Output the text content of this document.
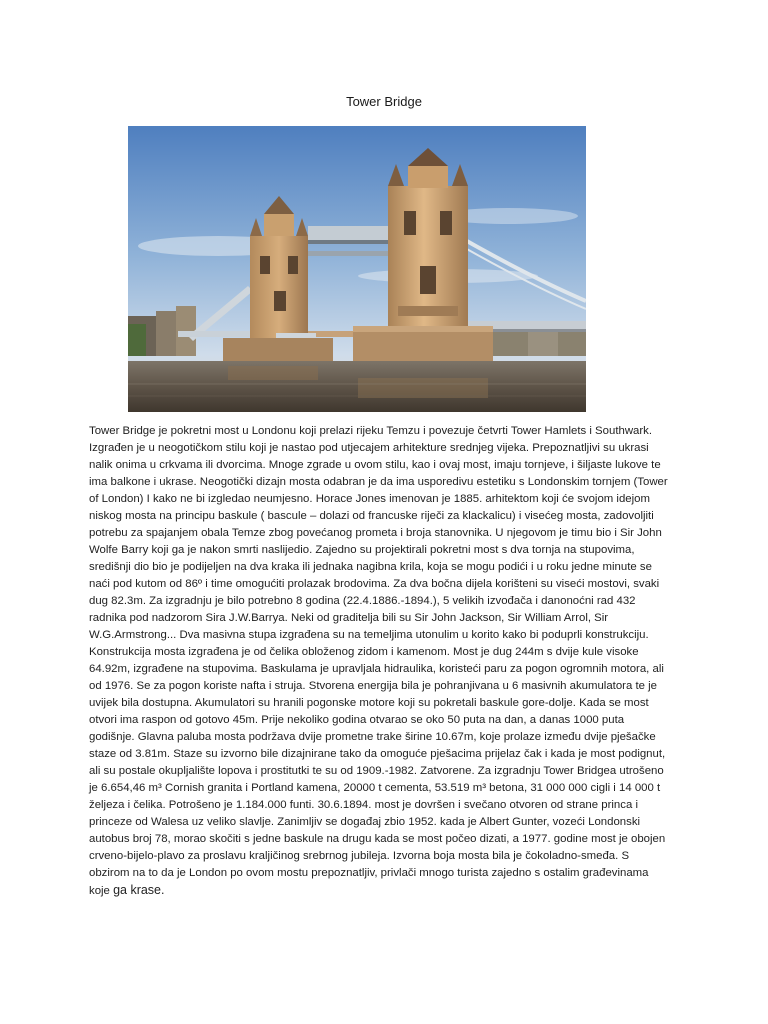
Tower Bridge
Tower Bridge je pokretni most u Londonu koji prelazi rijeku Temzu i povezuje četvrti Tower Hamlets i Southwark.
Izgrađen je u neogotičkom stilu koji je nastao pod utjecajem arhitekture srednjeg vijeka. Prepoznatljivi su ukrasi
nalik onima u crkvama ili dvorcima. Mnoge zgrade u ovom stilu, kao i ovaj most, imaju tornjeve, i šiljaste lukove te
ima balkone i ukrase. Neogotički dizajn mosta odabran je da ima usporedivu estetiku s Londonskim tornjem (Tower
of London) I kako ne bi izgledao neumjesno. Horace Jones imenovan je 1885. arhitektom koji će svojom idejom
niskog mosta na principu baskule ( bascule – dolazi od francuske riječi za klackalicu) i visećeg mosta, zadovoljiti
potrebu za spajanjem obala Temze zbog povećanog prometa i broja stanovnika. U njegovom je timu bio i Sir John
Wolfe Barry koji ga je nakon smrti naslijedio. Zajedno su projektirali pokretni most s dva tornja na stupovima,
središnji dio bio je podijeljen na dva kraka ili jednaka nagibna krila, koja se mogu podići i u roku jedne minute se
naći pod kutom od 86º i time omogućiti prolazak brodovima. Za dva bočna dijela korišteni su viseći mostovi, svaki
dug 82.3m. Za izgradnju je bilo potrebno 8 godina (22.4.1886.-1894.), 5 velikih izvođača i danonoćni rad 432
radnika pod nadzorom Sira J.W.Barrya. Neki od graditelja bili su Sir John Jackson, Sir William Arrol, Sir
W.G.Armstrong... Dva masivna stupa izgrađena su na temeljima utonulim u korito kako bi poduprli konstrukciju.
Konstrukcija mosta izgrađena je od čelika obloženog zidom i kamenom. Most je dug 244m s dvije kule visoke
64.92m, izgrađene na stupovima. Baskulama je upravljala hidraulika, koristeći paru za pogon ogromnih motora, ali
od 1976. Se za pogon koriste nafta i struja. Stvorena energija bila je pohranjivana u 6 masivnih akumulatora te je
uvijek bila dostupna. Akumulatori su hranili pogonske motore koji su pokretali baskule gore-dolje. Kada se most
otvori ima raspon od gotovo 45m. Prije nekoliko godina otvarao se oko 50 puta na dan, a danas 1000 puta
godišnje. Glavna paluba mosta podržava dvije prometne trake širine 10.67m, koje prolaze između dvije pješačke
staze od 3.81m. Staze su izvorno bile dizajnirane tako da omoguće pješacima prijelaz čak i kada je most podignut,
ali su postale okupljalište lopova i prostitutki te su od 1909.-1982. Zatvorene. Za izgradnju Tower Bridgea utrošeno
je 6.654,46 m³ Cornish granita i Portland kamena, 20000 t cementa, 53.519 m³ betona, 31 000 000 cigli i 14 000 t
željeza i čelika. Potrošeno je 1.184.000 funti. 30.6.1894. most je dovršen i svečano otvoren od strane princa i
princeze od Walesa uz veliko slavlje. Zanimljiv se događaj zbio 1952. kada je Albert Gunter, vozeći Londonski
autobus broj 78, morao skočiti s jedne baskule na drugu kada se most počeo dizati, a 1977. godine most je obojen
crveno-bijelo-plavo za proslavu kraljičinog srebrnog jubileja. Izvorna boja mosta bila je čokoladno-smeđa. S
obzirom na to da je London po ovom mostu prepoznatljiv, privlači mnogo turista zajedno s ostalim građevinama
koje ga krase.
